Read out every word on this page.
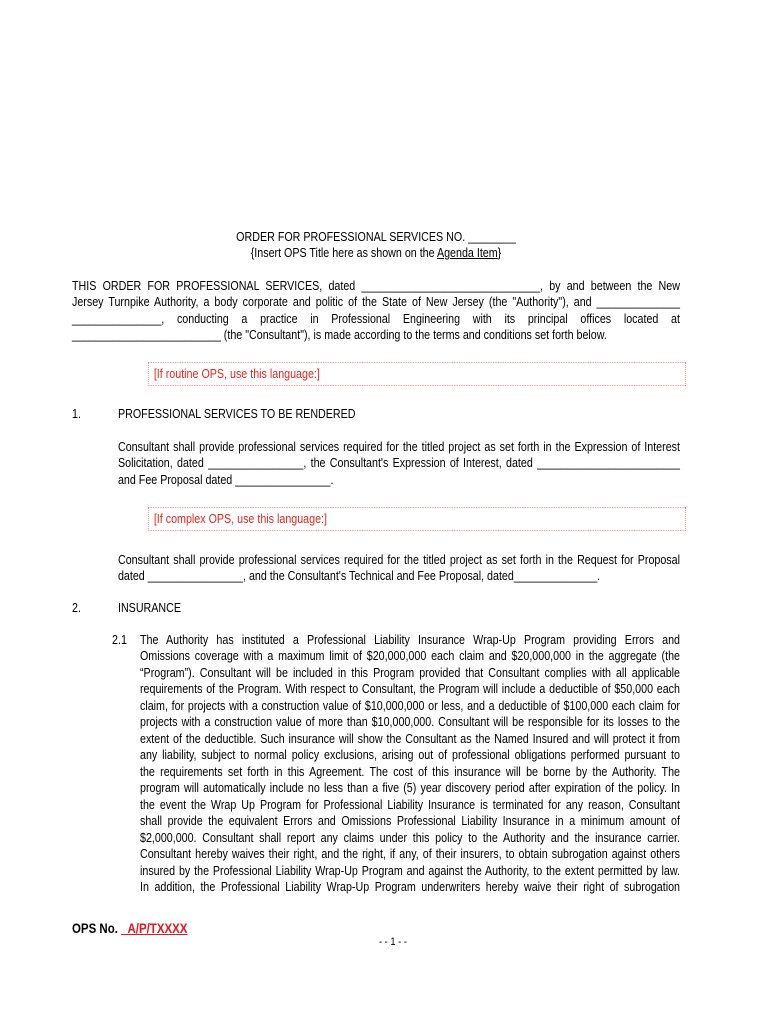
ORDER FOR PROFESSIONAL SERVICES NO. ________
{Insert OPS Title here as shown on the Agenda Item}
THIS ORDER FOR PROFESSIONAL SERVICES, dated ______________________________, by and between the New
Jersey Turnpike Authority, a body corporate and politic of the State of New Jersey (the "Authority"), and ______________
_______________, conducting a practice in Professional Engineering with its principal offices located at
_________________________ (the "Consultant"), is made according to the terms and conditions set forth below.
[If routine OPS, use this language:]
1.	PROFESSIONAL SERVICES TO BE RENDERED
Consultant shall provide professional services required for the titled project as set forth in the Expression of Interest
Solicitation, dated ________________, the Consultant's Expression of Interest, dated ________________________
and Fee Proposal dated ________________.
[If complex OPS, use this language:]
Consultant shall provide professional services required for the titled project as set forth in the Request for Proposal
dated ________________, and the Consultant's Technical and Fee Proposal, dated______________.
2.	INSURANCE
2.1 The Authority has instituted a Professional Liability Insurance Wrap-Up Program providing Errors and
Omissions coverage with a maximum limit of $20,000,000 each claim and $20,000,000 in the aggregate (the
“Program”). Consultant will be included in this Program provided that Consultant complies with all applicable
requirements of the Program. With respect to Consultant, the Program will include a deductible of $50,000 each
claim, for projects with a construction value of $10,000,000 or less, and a deductible of $100,000 each claim for
projects with a construction value of more than $10,000,000. Consultant will be responsible for its losses to the
extent of the deductible. Such insurance will show the Consultant as the Named Insured and will protect it from
any liability, subject to normal policy exclusions, arising out of professional obligations performed pursuant to
the requirements set forth in this Agreement. The cost of this insurance will be borne by the Authority. The
program will automatically include no less than a five (5) year discovery period after expiration of the policy. In
the event the Wrap Up Program for Professional Liability Insurance is terminated for any reason, Consultant
shall provide the equivalent Errors and Omissions Professional Liability Insurance in a minimum amount of
$2,000,000. Consultant shall report any claims under this policy to the Authority and the insurance carrier.
Consultant hereby waives their right, and the right, if any, of their insurers, to obtain subrogation against others
insured by the Professional Liability Wrap-Up Program and against the Authority, to the extent permitted by law.
In addition, the Professional Liability Wrap-Up Program underwriters hereby waive their right of subrogation
OPS No. A/P/TXXXX
- - 1 - -
